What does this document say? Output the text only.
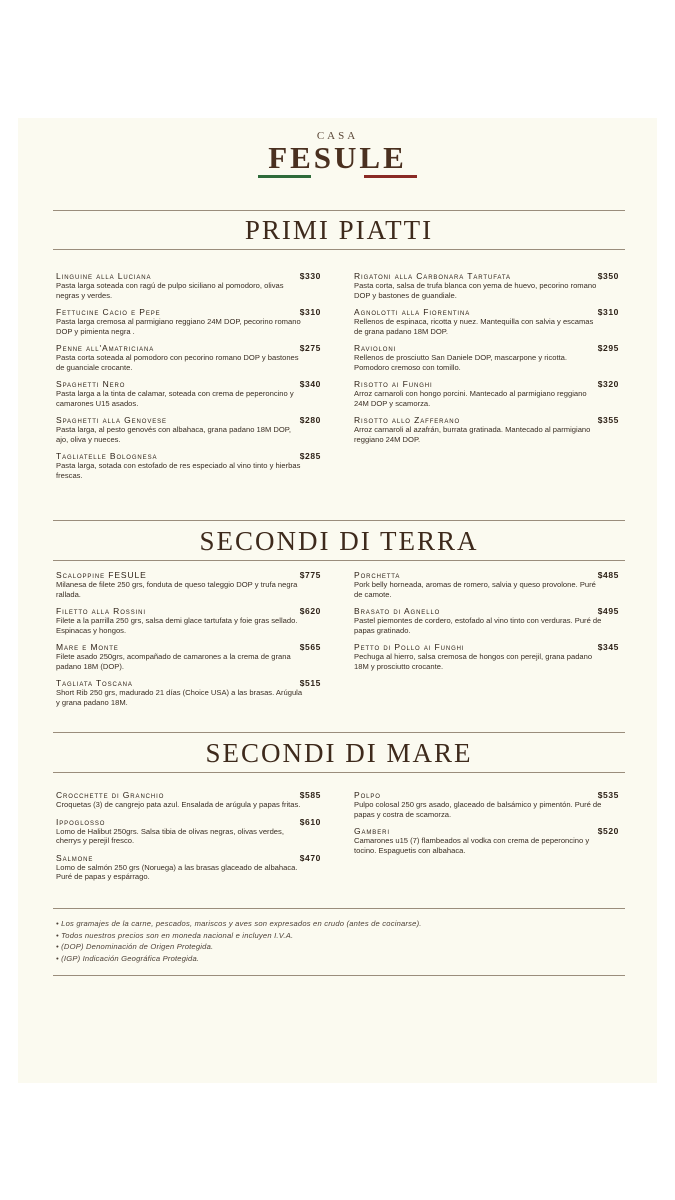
CASA
FESULE
PRIMI PIATTI
Linguine alla Luciana	$330
Pasta larga soteada con ragú de pulpo siciliano al pomodoro, olivas negras y verdes.
Fettucine Cacio e Pepe	$310
Pasta larga cremosa al parmigiano reggiano 24M DOP, pecorino romano DOP y pimienta negra .
Penne all'Amatriciana	$275
Pasta corta soteada al pomodoro con pecorino romano DOP y bastones de guanciale crocante.
Spaghetti Nero	$340
Pasta larga a la tinta de calamar, soteada con crema de peperoncino y camarones U15 asados.
Spaghetti alla Genovese	$280
Pasta larga, al pesto genovés con albahaca, grana padano 18M DOP, ajo, oliva y nueces.
Tagliatelle Bolognesa	$285
Pasta larga, sotada con estofado de res especiado al vino tinto y hierbas frescas.
Rigatoni alla Carbonara Tartufata	$350
Pasta corta, salsa de trufa blanca con yema de huevo, pecorino romano DOP y bastones de guandiale.
Agnolotti alla Fiorentina	$310
Rellenos de espinaca, ricotta y nuez. Mantequilla con salvia y escamas de grana padano 18M DOP.
Ravioloni	$295
Rellenos de prosciutto San Daniele DOP, mascarpone y ricotta. Pomodoro cremoso con tomillo.
Risotto ai Funghi	$320
Arroz carnaroli con hongo porcini. Mantecado al parmigiano reggiano 24M DOP y scamorza.
Risotto allo Zafferano	$355
Arroz carnaroli al azafrán, burrata gratinada. Mantecado al parmigiano reggiano 24M DOP.
SECONDI DI TERRA
Scaloppine FESULE	$775
Milanesa de filete 250 grs, fonduta de queso taleggio DOP y trufa negra rallada.
Filetto alla Rossini	$620
Filete a la parrilla 250 grs, salsa demi glace tartufata y foie gras sellado. Espinacas y hongos.
Mare e Monte	$565
Filete asado 250grs, acompañado de camarones a la crema de grana padano 18M (DOP).
Tagliata Toscana	$515
Short Rib 250 grs, madurado 21 días (Choice USA) a las brasas. Arúgula y grana padano 18M.
Porchetta	$485
Pork belly horneada, aromas de romero, salvia y queso provolone. Puré de camote.
Brasato di Agnello	$495
Pastel piemontes de cordero, estofado al vino tinto con verduras. Puré de papas gratinado.
Petto di Pollo ai Funghi	$345
Pechuga al hierro, salsa cremosa de hongos con perejil, grana padano 18M y prosciutto crocante.
SECONDI DI MARE
Crocchette di Granchio	$585
Croquetas (3) de cangrejo pata azul. Ensalada de arúgula y papas fritas.
Ippoglosso	$610
Lomo de Halibut 250grs. Salsa tibia de olivas negras, olivas verdes, cherrys y perejil fresco.
Salmone	$470
Lomo de salmón 250 grs (Noruega) a las brasas glaceado de albahaca. Puré de papas y espárrago.
Polpo	$535
Pulpo colosal 250 grs asado, glaceado de balsámico y pimentón. Puré de papas y costra de scamorza.
Gamberi	$520
Camarones u15 (7) flambeados al vodka con crema de peperoncino y tocino. Espaguetis con albahaca.
• Los gramajes de la carne, pescados, mariscos y aves son expresados en crudo (antes de cocinarse).
• Todos nuestros precios son en moneda nacional e incluyen I.V.A.
• (DOP) Denominación de Origen Protegida.
• (IGP) Indicación Geográfica Protegida.
